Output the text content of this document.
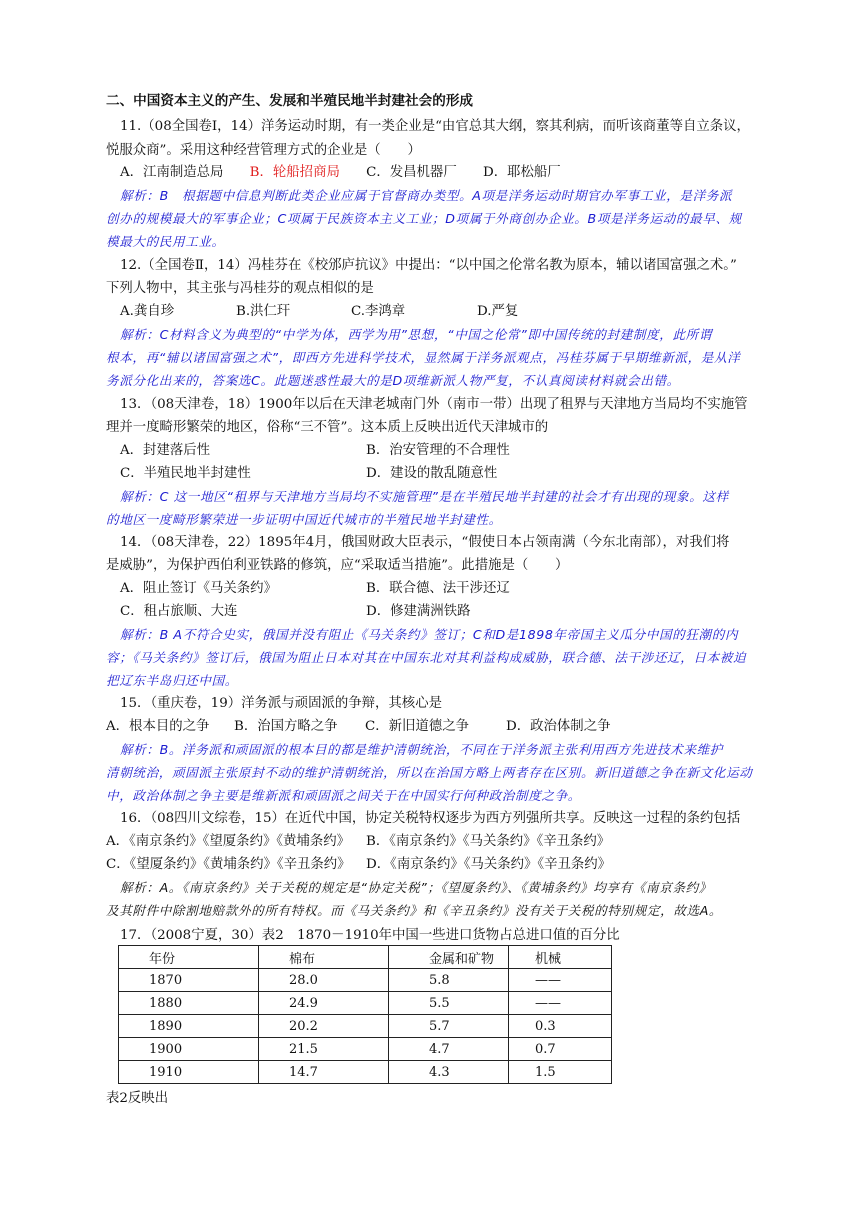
二、中国资本主义的产生、发展和半殖民地半封建社会的形成
11.（08全国卷Ⅰ，14）洋务运动时期，有一类企业是“由官总其大纲，察其利病，而听该商董等自立条议，
悦服众商”。采用这种经营管理方式的企业是（　　）
A．江南制造总局 B．轮船招商局 C．发昌机器厂 D．耶松船厂
解析：B　根据题中信息判断此类企业应属于官督商办类型。A项是洋务运动时期官办军事工业，是洋务派
创办的规模最大的军事企业；C项属于民族资本主义工业；D项属于外商创办企业。B项是洋务运动的最早、规
模最大的民用工业。
12.（全国卷Ⅱ，14）冯桂芬在《校邠庐抗议》中提出：“以中国之伦常名教为原本，辅以诸国富强之术。”
下列人物中，其主张与冯桂芬的观点相似的是
A.龚自珍	B.洪仁玕	C.李鸿章	D.严复
解析：C材料含义为典型的“中学为体，西学为用”思想，“中国之伦常”即中国传统的封建制度，此所谓
根本，再“辅以诸国富强之术”，即西方先进科学技术，显然属于洋务派观点，冯桂芬属于早期维新派，是从洋
务派分化出来的，答案选C。此题迷惑性最大的是D项维新派人物严复，不认真阅读材料就会出错。
13．（08天津卷，18）1900年以后在天津老城南门外（南市一带）出现了租界与天津地方当局均不实施管
理并一度畸形繁荣的地区，俗称“三不管”。这本质上反映出近代天津城市的
A．封建落后性	B．治安管理的不合理性
C．半殖民地半封建性	D．建设的散乱随意性
解析：C 这一地区“租界与天津地方当局均不实施管理”是在半殖民地半封建的社会才有出现的现象。这样
的地区一度畸形繁荣进一步证明中国近代城市的半殖民地半封建性。
14．（08天津卷，22）1895年4月，俄国财政大臣表示，“假使日本占领南满（今东北南部），对我们将
是威胁”，为保护西伯利亚铁路的修筑，应“采取适当措施”。此措施是（　　）
A．阻止签订《马关条约》	B．联合德、法干涉还辽
C．租占旅顺、大连	D．修建满洲铁路
解析：B A不符合史实，俄国并没有阻止《马关条约》签订；C和D是1898年帝国主义瓜分中国的狂潮的内
容；《马关条约》签订后，俄国为阻止日本对其在中国东北对其利益构成威胁，联合德、法干涉还辽，日本被迫
把辽东半岛归还中国。
15．（重庆卷，19）洋务派与顽固派的争辩，其核心是
A．根本目的之争 B．治国方略之争 C．新旧道德之争	D．政治体制之争
解析：B。洋务派和顽固派的根本目的都是维护清朝统治，不同在于洋务派主张利用西方先进技术来维护
清朝统治，顽固派主张原封不动的维护清朝统治，所以在治国方略上两者存在区别。新旧道德之争在新文化运动
中，政治体制之争主要是维新派和顽固派之间关于在中国实行何种政治制度之争。
16．（08四川文综卷，15）在近代中国，协定关税特权逐步为西方列强所共享。反映这一过程的条约包括
A．《南京条约》《望厦条约》《黄埔条约》 B．《南京条约》《马关条约》《辛丑条约》
C．《望厦条约》《黄埔条约》《辛丑条约》 D．《南京条约》《马关条约》《辛丑条约》
解析：A。《南京条约》关于关税的规定是“协定关税”；《望厦条约》、《黄埔条约》均享有《南京条约》
及其附件中除割地赔款外的所有特权。而《马关条约》和《辛丑条约》没有关于关税的特别规定，故选A。
17．（2008宁夏，30）表2　1870－1910年中国一些进口货物占总进口值的百分比
年份	棉布	金属和矿物	机械
1870	28.0	5.8	——
1880	24.9	5.5	——
1890	20.2	5.7	0.3
1900	21.5	4.7	0.7
1910	14.7	4.3	1.5
表2反映出
